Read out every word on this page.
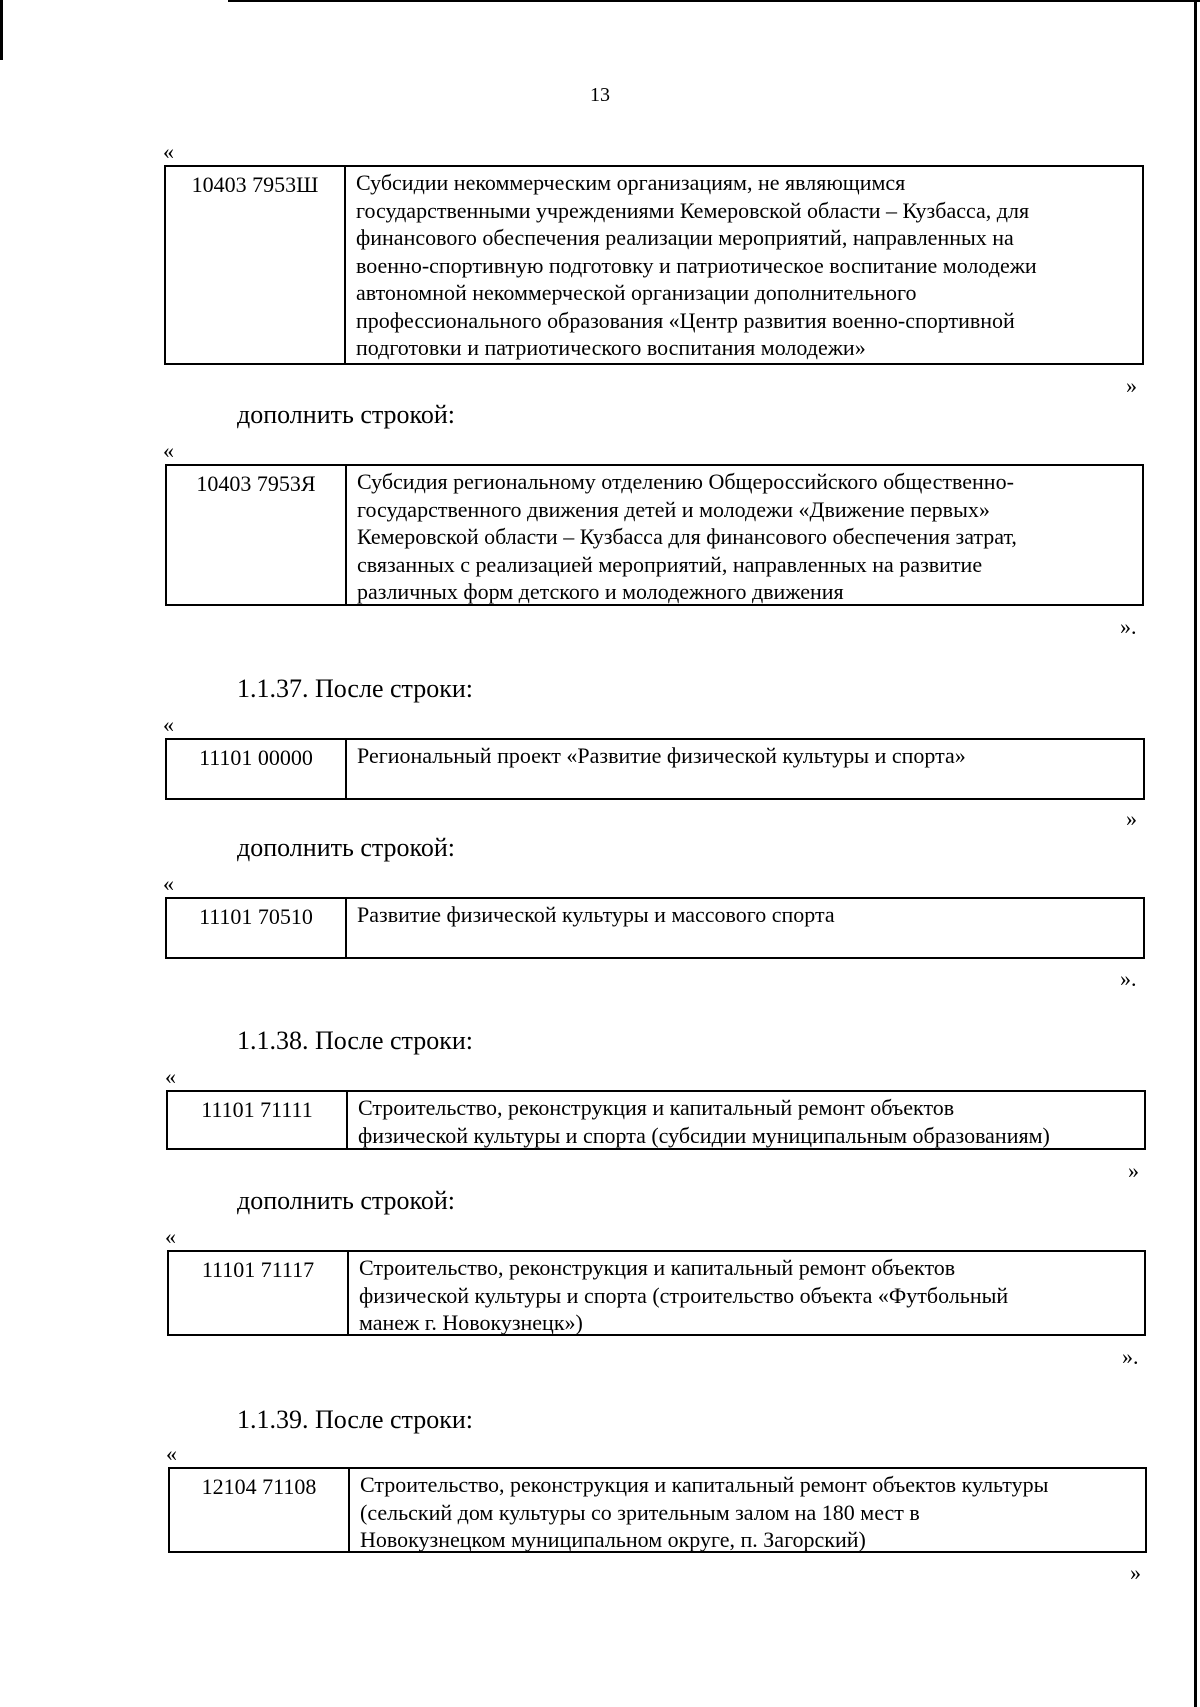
13
«
10403 7953Ш	Субсидии некоммерческим организациям, не являющимся
государственными учреждениями Кемеровской области – Кузбасса, для
финансового обеспечения реализации мероприятий, направленных на
военно-спортивную подготовку и патриотическое воспитание молодежи
автономной некоммерческой организации дополнительного
профессионального образования «Центр развития военно-спортивной
подготовки и патриотического воспитания молодежи»
»
дополнить строкой:
«
10403 7953Я	Субсидия региональному отделению Общероссийского общественно-
государственного движения детей и молодежи «Движение первых»
Кемеровской области – Кузбасса для финансового обеспечения затрат,
связанных с реализацией мероприятий, направленных на развитие
различных форм детского и молодежного движения
».
1.1.37. После строки:
«
11101 00000	Региональный проект «Развитие физической культуры и спорта»
»
дополнить строкой:
«
11101 70510	Развитие физической культуры и массового спорта
».
1.1.38. После строки:
«
11101 71111	Строительство, реконструкция и капитальный ремонт объектов
физической культуры и спорта (субсидии муниципальным образованиям)
»
дополнить строкой:
«
11101 71117	Строительство, реконструкция и капитальный ремонт объектов
физической культуры и спорта (строительство объекта «Футбольный
манеж г. Новокузнецк»)
».
1.1.39. После строки:
«
12104 71108	Строительство, реконструкция и капитальный ремонт объектов культуры
(сельский дом культуры со зрительным залом на 180 мест в
Новокузнецком муниципальном округе, п. Загорский)
»
